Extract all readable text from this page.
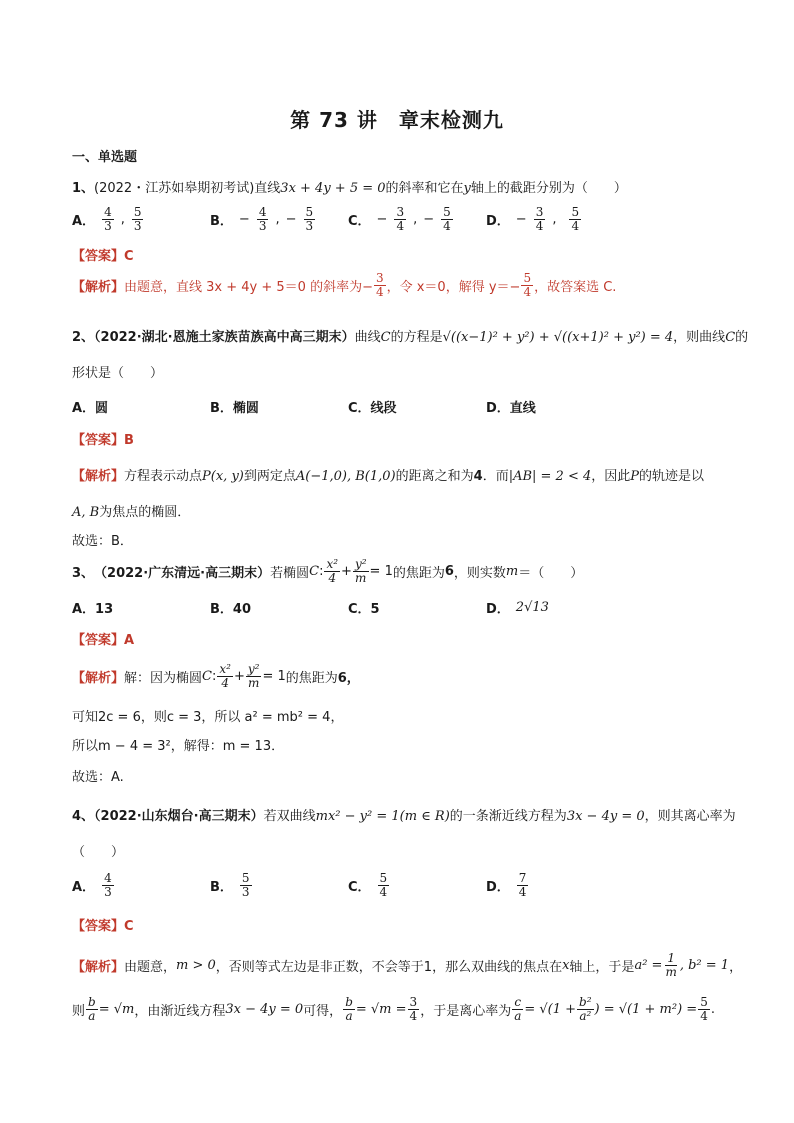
第 73 讲　章末检测九
一、单选题
1、(2022・江苏如皋期初考试)直线3x + 4y + 5 = 0的斜率和它在y轴上的截距分别为（　　）
A． $\frac{4}{3}$ , $\frac{5}{3}$	B． − $\frac{4}{3}$ , − $\frac{5}{3}$	C． − $\frac{3}{4}$ , − $\frac{5}{4}$	D． − $\frac{3}{4}$ , $\frac{5}{4}$
【答案】C
【解析】 由题意，直线 3x + 4y + 5＝0 的斜率为− $\frac{3}{4}$ ，令 x＝0，解得 $y=- \frac{5}{4}$ ，故答案选 C.
2、（2022·湖北·恩施土家族苗族高中高三期末）曲线C的方程是√((x−1)² + y²) + √((x+1)² + y²) = 4，则曲线C的
形状是（　　）
A．圆	B．椭圆	C．线段	D．直线
【答案】B
【解析】方程表示动点P(x, y)到两定点A(−1,0), B(1,0)的距离之和为4．而|AB| = 2 < 4，因此P的轨迹是以
A, B为焦点的椭圆．
故选：B．
3、 （2022·广东清远·高三期末） 若椭圆 C : $\frac{\text{x²}}{4} + \frac{\text{y²}}{m} = 1$ 的焦距为 6 ，则实数 m ＝（　　）
A．13	B．40	C．5	D． 2√13
【答案】A
【解析】 解：因为椭圆 C : $\frac{\text{x²}}{4} + \frac{\text{y²}}{m} = 1$ 的焦距为 6，
可知2c = 6，则c = 3，所以 a² = mb² = 4，
所以m − 4 = 3²，解得：m = 13．
故选：A.
4、（2022·山东烟台·高三期末）若双曲线mx² − y² = 1(m ∈ R)的一条渐近线方程为3x − 4y = 0，则其离心率为
（　　）
A． $\frac{4}{3}$	B． $\frac{5}{3}$	C． $\frac{5}{4}$	D． $\frac{7}{4}$
【答案】C
【解析】 由题意， m > 0 ，否则等式左边是非正数，不会等于1，那么双曲线的焦点在 x 轴上，于是 $a^2 = \frac{1}{m}$ , b² = 1 ，
则 $\frac{b}{a} = √m$ ，由渐近线方程 3x − 4y = 0 可得， $\frac{b}{a} = √m = \frac{3}{4}$ ，于是离心率为 $\frac{c}{a} = √(1 + \frac{\text{b²}}{\text{a²}}$ ) = $√(1 + m^2) = \frac{5}{4}$ .
